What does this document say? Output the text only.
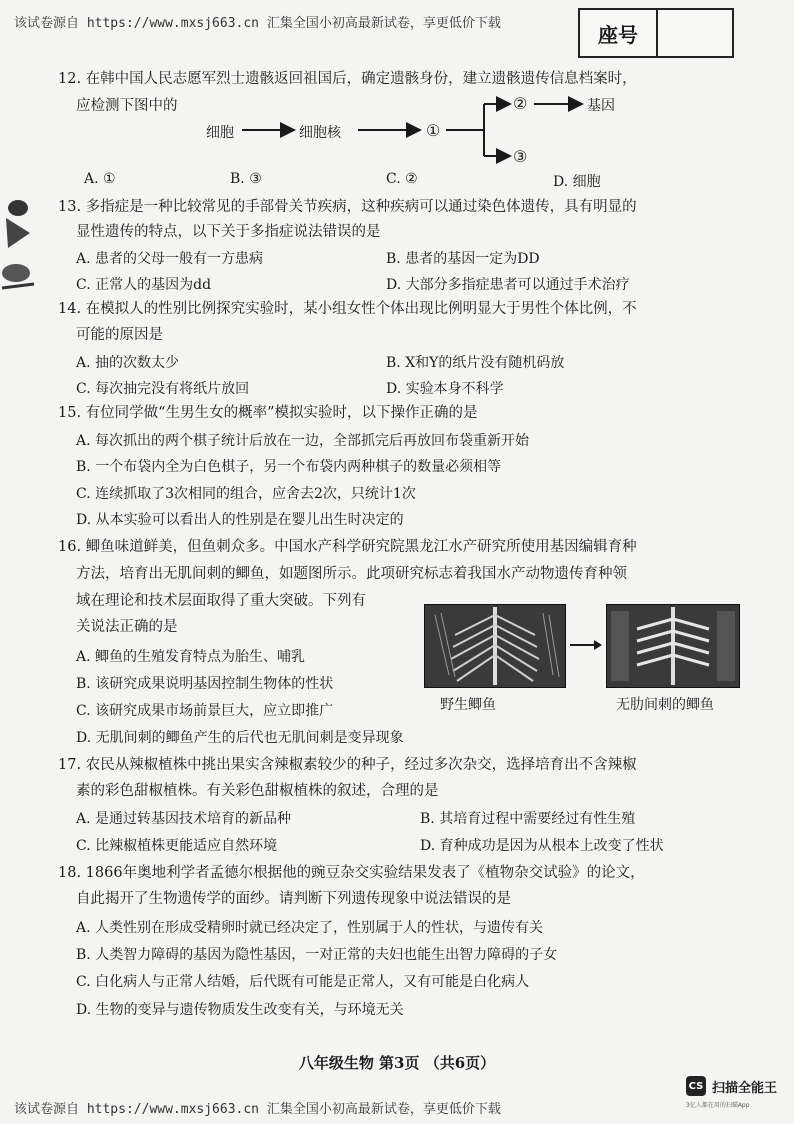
该试卷源自 https://www.mxsj663.cn 汇集全国小初高最新试卷，享更低价下载	座号
12. 在韩中国人民志愿军烈士遗骸返回祖国后，确定遗骸身份，建立遗骸遗传信息档案时，
应检测下图中的
细胞	细胞核	①
②	基因
③
A. ①	B. ③	C. ②	D. 细胞
13. 多指症是一种比较常见的手部骨关节疾病，这种疾病可以通过染色体遗传，具有明显的
显性遗传的特点，以下关于多指症说法错误的是
A. 患者的父母一般有一方患病	B. 患者的基因一定为DD
C. 正常人的基因为dd	D. 大部分多指症患者可以通过手术治疗
14. 在模拟人的性别比例探究实验时，某小组女性个体出现比例明显大于男性个体比例，不
可能的原因是
A. 抽的次数太少	B. X和Y的纸片没有随机码放
C. 每次抽完没有将纸片放回	D. 实验本身不科学
15. 有位同学做“生男生女的概率”模拟实验时，以下操作正确的是
A. 每次抓出的两个棋子统计后放在一边，全部抓完后再放回布袋重新开始
B. 一个布袋内全为白色棋子，另一个布袋内两种棋子的数量必须相等
C. 连续抓取了3次相同的组合，应舍去2次，只统计1次
D. 从本实验可以看出人的性别是在婴儿出生时决定的
16. 鲫鱼味道鲜美，但鱼刺众多。中国水产科学研究院黑龙江水产研究所使用基因编辑育种
方法，培育出无肌间刺的鲫鱼，如题图所示。此项研究标志着我国水产动物遗传育种领
域在理论和技术层面取得了重大突破。下列有
关说法正确的是
A. 鲫鱼的生殖发育特点为胎生、哺乳
B. 该研究成果说明基因控制生物体的性状
C. 该研究成果市场前景巨大，应立即推广
D. 无肌间刺的鲫鱼产生的后代也无肌间刺是变异现象
野生鲫鱼	无肋间刺的鲫鱼
17. 农民从辣椒植株中挑出果实含辣椒素较少的种子，经过多次杂交，选择培育出不含辣椒
素的彩色甜椒植株。有关彩色甜椒植株的叙述，合理的是
A. 是通过转基因技术培育的新品种	B. 其培育过程中需要经过有性生殖
C. 比辣椒植株更能适应自然环境	D. 育种成功是因为从根本上改变了性状
18. 1866年奥地利学者孟德尔根据他的豌豆杂交实验结果发表了《植物杂交试验》的论文，
自此揭开了生物遗传学的面纱。请判断下列遗传现象中说法错误的是
A. 人类性别在形成受精卵时就已经决定了，性别属于人的性状，与遗传有关
B. 人类智力障碍的基因为隐性基因，一对正常的夫妇也能生出智力障碍的子女
C. 白化病人与正常人结婚，后代既有可能是正常人，又有可能是白化病人
D. 生物的变异与遗传物质发生改变有关，与环境无关
八年级生物 第3页 （共6页）
该试卷源自 https://www.mxsj663.cn 汇集全国小初高最新试卷，享更低价下载
CS 扫描全能王
3亿人都在用的扫描App
